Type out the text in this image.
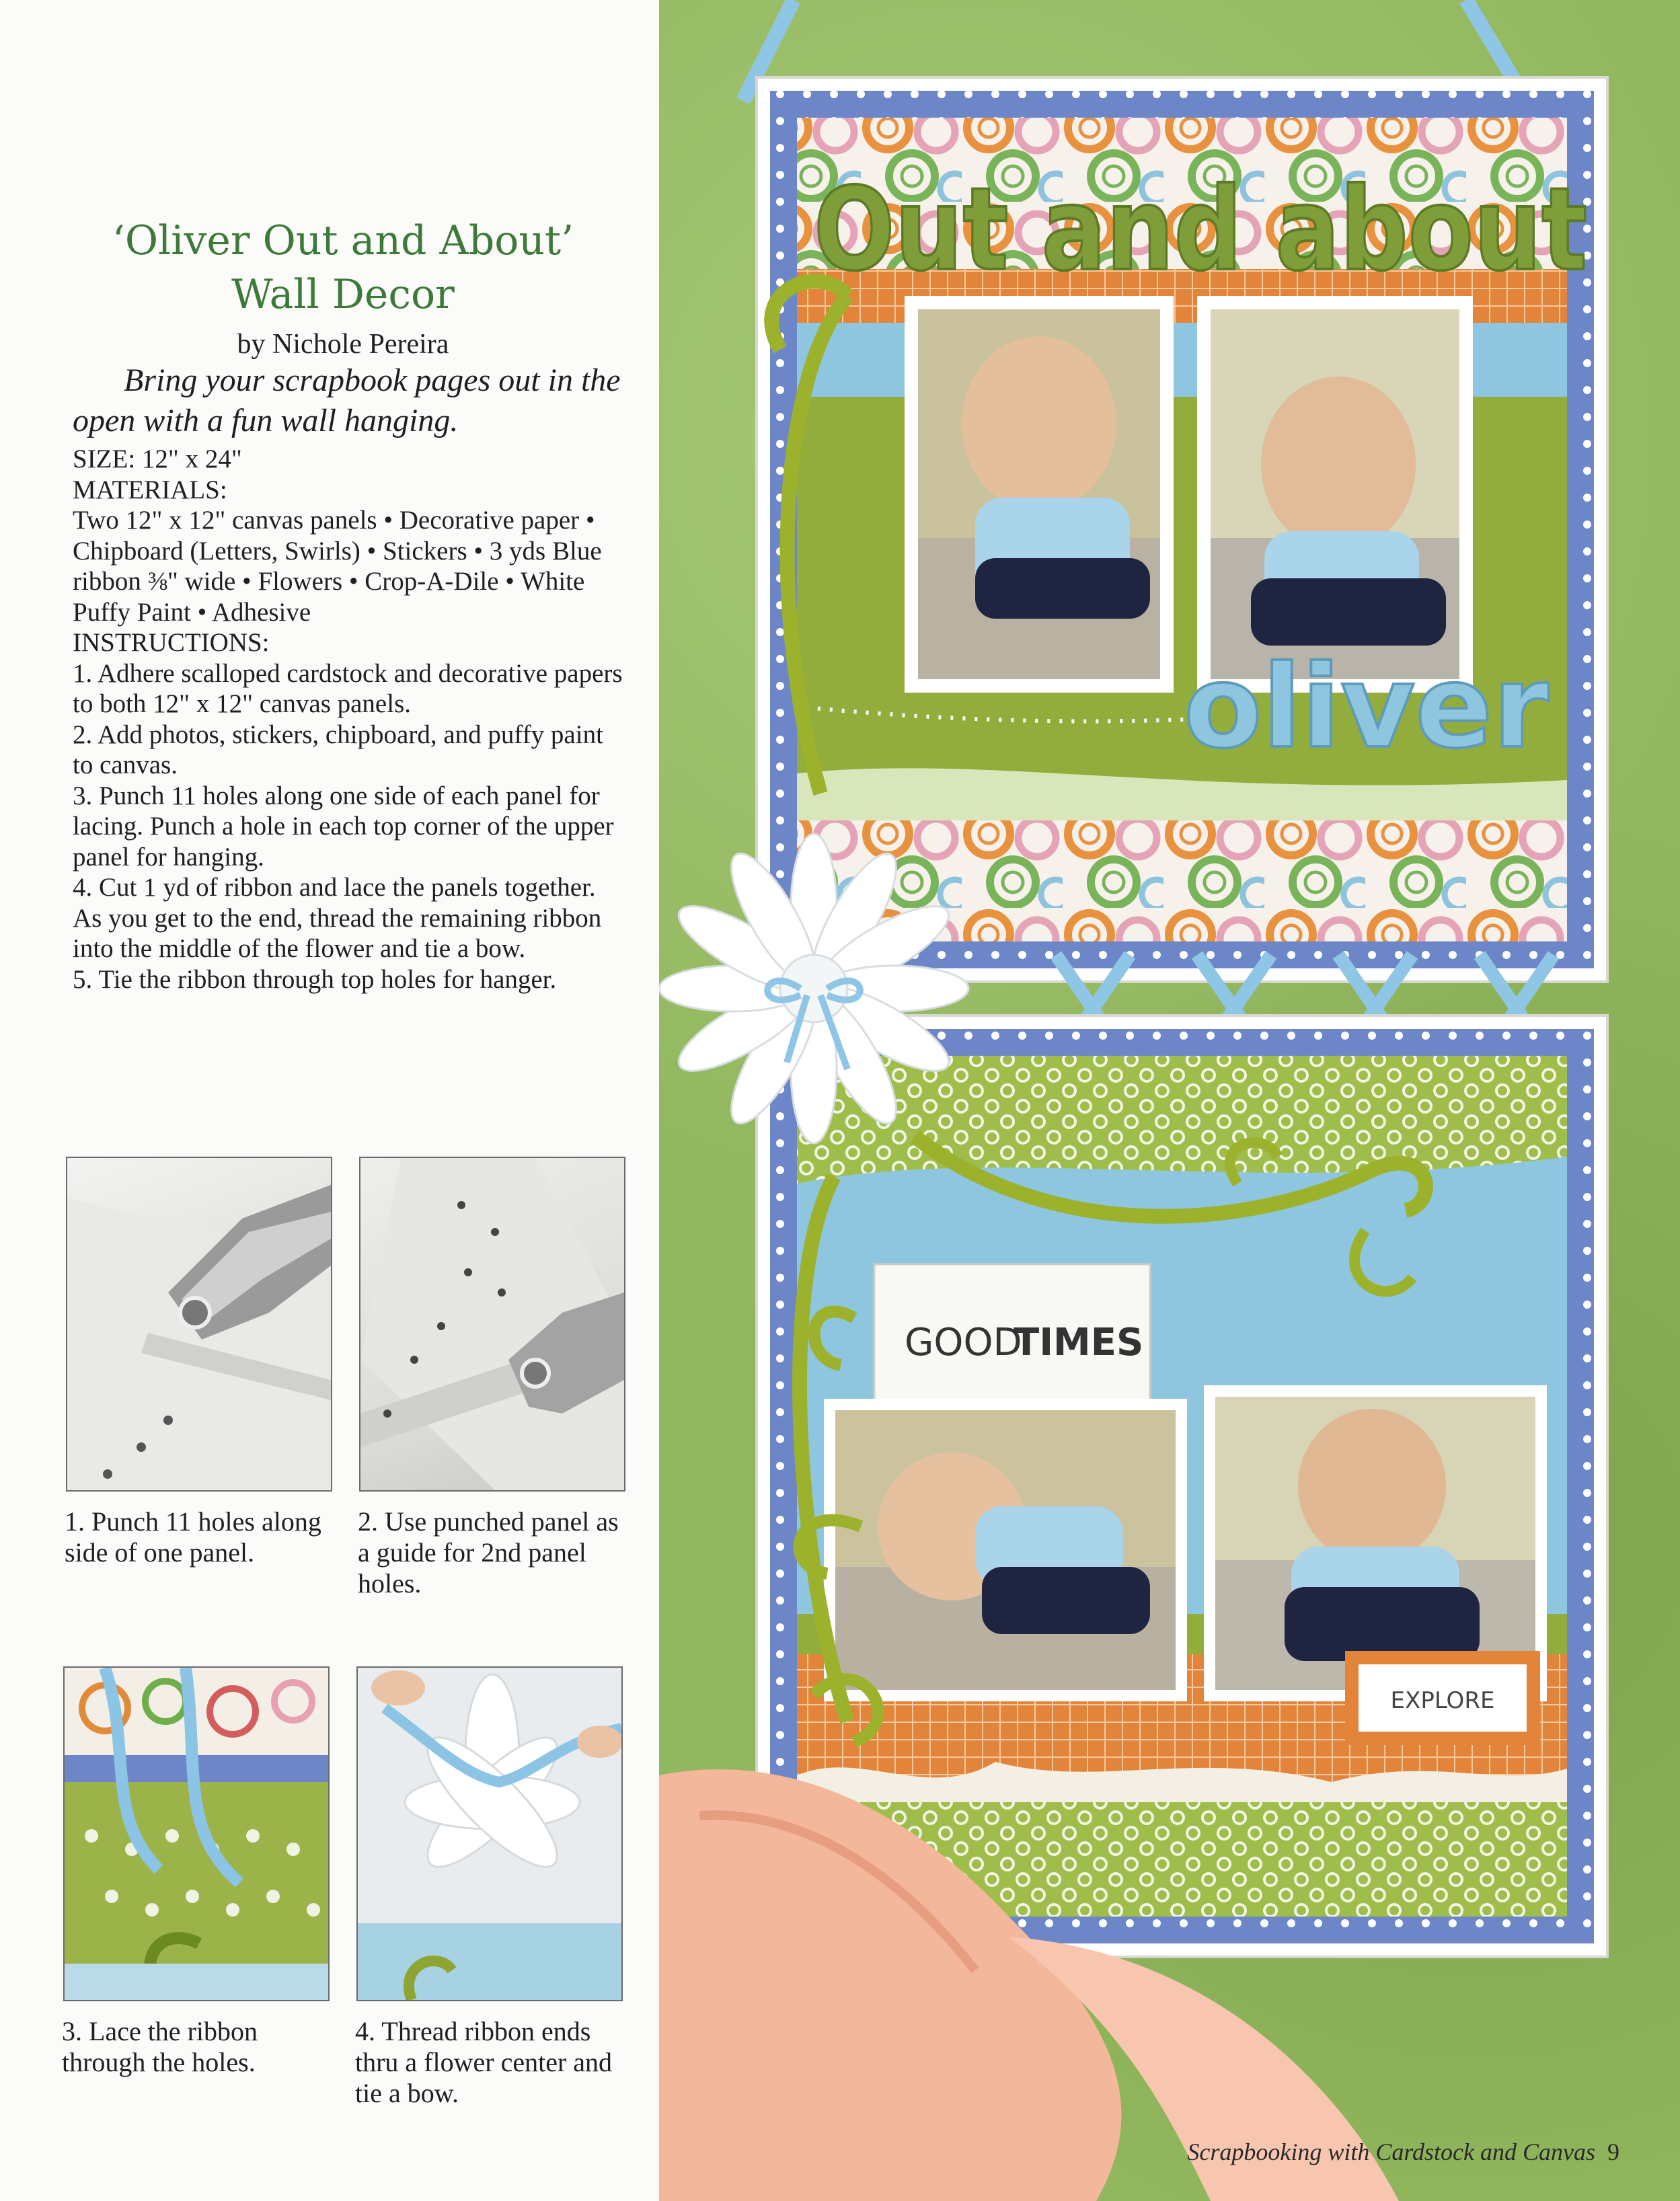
‘Oliver Out and About’
Wall Decor
by Nichole Pereira
Bring your scrapbook pages out in the open with a fun wall hanging.

SIZE: 12" x 24"

MATERIALS:

Two 12" x 12" canvas panels • Decorative paper • Chipboard (Letters, Swirls) • Stickers • 3 yds Blue ribbon ⅜" wide • Flowers • Crop-A-Dile • White Puffy Paint • Adhesive

INSTRUCTIONS:

1. Adhere scalloped cardstock and decorative papers to both 12" x 12" canvas panels.

2. Add photos, stickers, chipboard, and puffy paint to canvas.

3. Punch 11 holes along one side of each panel for lacing. Punch a hole in each top corner of the upper panel for hanging.

4. Cut 1 yd of ribbon and lace the panels together. As you get to the end, thread the remaining ribbon into the middle of the flower and tie a bow.

5. Tie the ribbon through top holes for hanger.

1. Punch 11 holes along side of one panel.
2. Use punched panel as a guide for 2nd panel holes.
3. Lace the ribbon through the holes.
4. Thread ribbon ends thru a flower center and tie a bow.
Out and about
oliver
GOOD
TIMES
EXPLORE
Scrapbooking with Cardstock and Canvas 9
